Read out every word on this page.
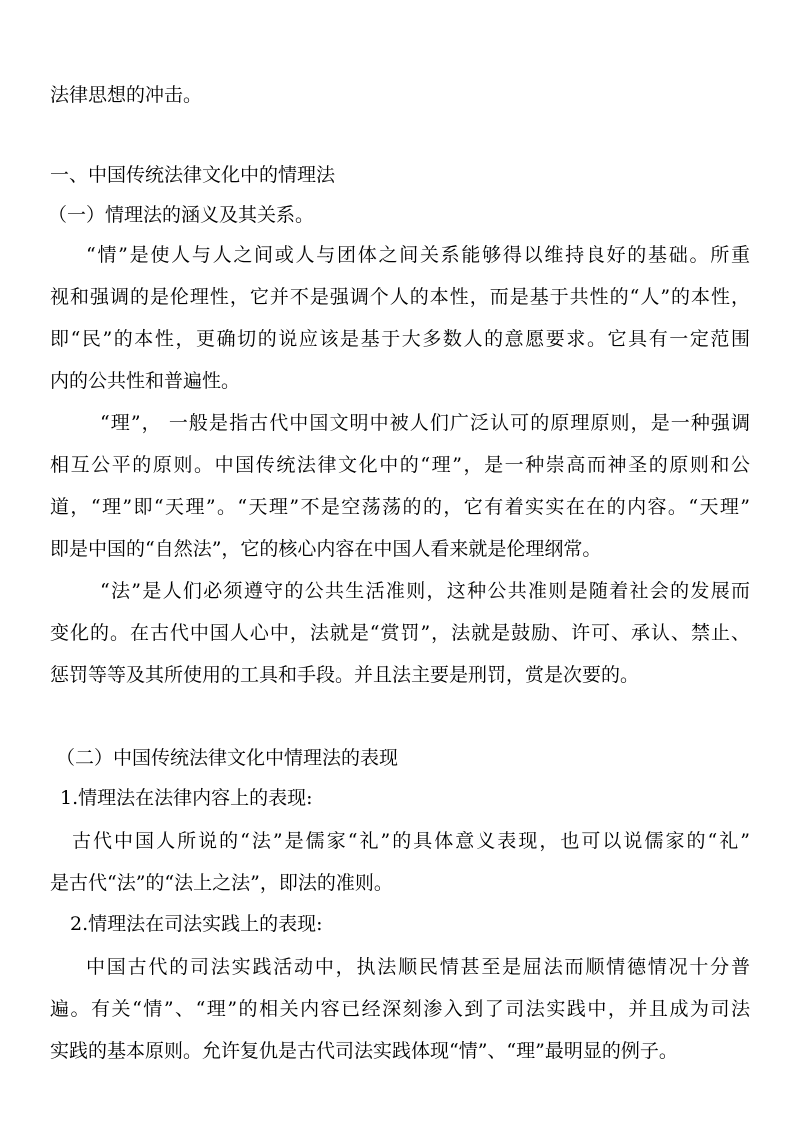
法律思想的冲击。

一、中国传统法律文化中的情理法

（一）情理法的涵义及其关系。

“情”是使人与人之间或人与团体之间关系能够得以维持良好的基础。所重

视和强调的是伦理性，它并不是强调个人的本性，而是基于共性的“人”的本性，

即“民”的本性，更确切的说应该是基于大多数人的意愿要求。它具有一定范围

内的公共性和普遍性。

“理”， 一般是指古代中国文明中被人们广泛认可的原理原则，是一种强调

相互公平的原则。中国传统法律文化中的“理”，是一种崇高而神圣的原则和公

道，“理”即“天理”。“天理”不是空荡荡的的，它有着实实在在的内容。“天理”

即是中国的“自然法”，它的核心内容在中国人看来就是伦理纲常。

“法”是人们必须遵守的公共生活准则，这种公共准则是随着社会的发展而

变化的。在古代中国人心中，法就是“赏罚”，法就是鼓励、许可、承认、禁止、

惩罚等等及其所使用的工具和手段。并且法主要是刑罚，赏是次要的。

（二）中国传统法律文化中情理法的表现

1.情理法在法律内容上的表现:

古代中国人所说的“法”是儒家“礼”的具体意义表现，也可以说儒家的“礼”

是古代“法”的“法上之法”，即法的准则。

2.情理法在司法实践上的表现:

中国古代的司法实践活动中，执法顺民情甚至是屈法而顺情德情况十分普

遍。有关“情”、“理”的相关内容已经深刻渗入到了司法实践中，并且成为司法

实践的基本原则。允许复仇是古代司法实践体现“情”、“理”最明显的例子。
